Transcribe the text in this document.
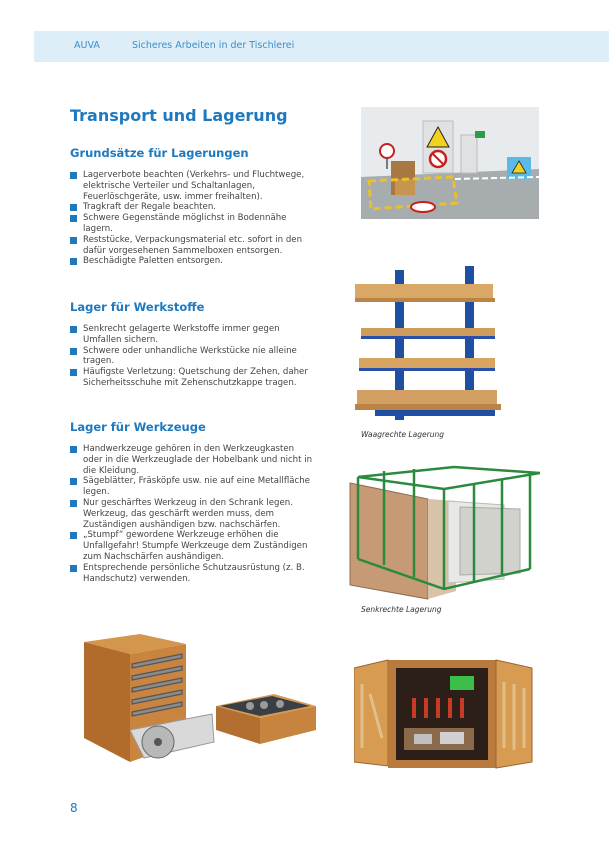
AUVA	Sicheres Arbeiten in der Tischlerei
Transport und Lagerung
Grundsätze für Lagerungen
Lagerverbote beachten (Verkehrs- und Fluchtwege, elektrische Verteiler und Schaltanlagen, Feuerlöschgeräte, usw. immer freihalten).
Tragkraft der Regale beachten.
Schwere Gegenstände möglichst in Bodennähe lagern.
Reststücke, Verpackungsmaterial etc. sofort in den dafür vorgesehenen Sammelboxen entsorgen.
Beschädigte Paletten entsorgen.
Lager für Werkstoffe
Senkrecht gelagerte Werkstoffe immer gegen Umfallen sichern.
Schwere oder unhandliche Werkstücke nie alleine tragen.
Häufigste Verletzung: Quetschung der Zehen, daher Sicherheitsschuhe mit Zehenschutzkappe tragen.
Lager für Werkzeuge
Handwerkzeuge gehören in den Werkzeugkasten oder in die Werkzeuglade der Hobelbank und nicht in die Kleidung.
Sägeblätter, Fräsköpfe usw. nie auf eine Metallfläche legen.
Nur geschärftes Werkzeug in den Schrank legen. Werkzeug, das geschärft werden muss, dem Zuständigen aushändigen bzw. nachschärfen.
„Stumpf“ gewordene Werkzeuge erhöhen die Unfallgefahr! Stumpfe Werkzeuge dem Zuständigen zum Nachschärfen aushändigen.
Entsprechende persönliche Schutzausrüstung (z. B. Handschutz) verwenden.
Waagrechte Lagerung
Senkrechte Lagerung
8
